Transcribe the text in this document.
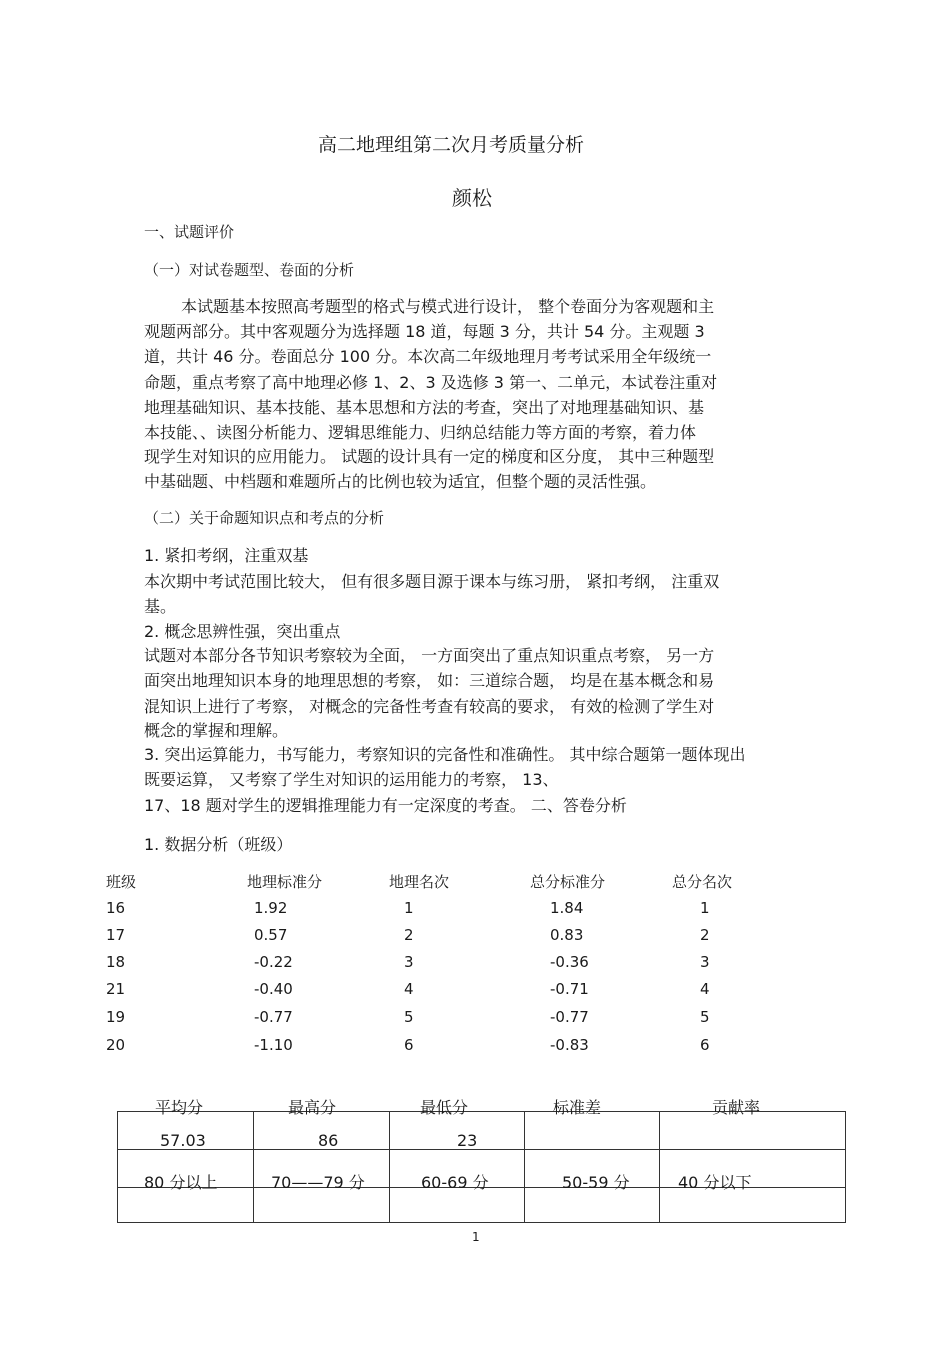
高二地理组第二次月考质量分析
颜松
一、试题评价
（一）对试卷题型、卷面的分析
本试题基本按照高考题型的格式与模式进行设计， 整个卷面分为客观题和主
观题两部分。其中客观题分为选择题 18 道，每题 3 分，共计 54 分。主观题 3
道，共计 46 分。卷面总分 100 分。本次高二年级地理月考考试采用全年级统一
命题，重点考察了高中地理必修 1、2、3 及选修 3 第一、二单元，本试卷注重对
地理基础知识、基本技能、基本思想和方法的考查，突出了对地理基础知识、基
本技能、、读图分析能力、逻辑思维能力、归纳总结能力等方面的考察，着力体
现学生对知识的应用能力。 试题的设计具有一定的梯度和区分度， 其中三种题型
中基础题、中档题和难题所占的比例也较为适宜，但整个题的灵活性强。
（二）关于命题知识点和考点的分析
1. 紧扣考纲，注重双基
本次期中考试范围比较大， 但有很多题目源于课本与练习册， 紧扣考纲， 注重双
基。
2. 概念思辨性强，突出重点
试题对本部分各节知识考察较为全面， 一方面突出了重点知识重点考察， 另一方
面突出地理知识本身的地理思想的考察， 如：三道综合题， 均是在基本概念和易
混知识上进行了考察， 对概念的完备性考查有较高的要求， 有效的检测了学生对
概念的掌握和理解。
3. 突出运算能力，书写能力，考察知识的完备性和准确性。 其中综合题第一题体现出
既要运算， 又考察了学生对知识的运用能力的考察， 13、
17、18 题对学生的逻辑推理能力有一定深度的考查。 二、答卷分析
1. 数据分析（班级）
班级	地理标准分	地理名次	总分标准分	总分名次
16	1.92	1	1.84	1
17	0.57	2	0.83	2
18	-0.22	3	-0.36	3
21	-0.40	4	-0.71	4
19	-0.77	5	-0.77	5
20	-1.10	6	-0.83	6

平均分	最高分	最低分	标准差	贡献率
57.03	86	23
80 分以上	70——79 分	60-69 分	50-59 分	40 分以下
1
